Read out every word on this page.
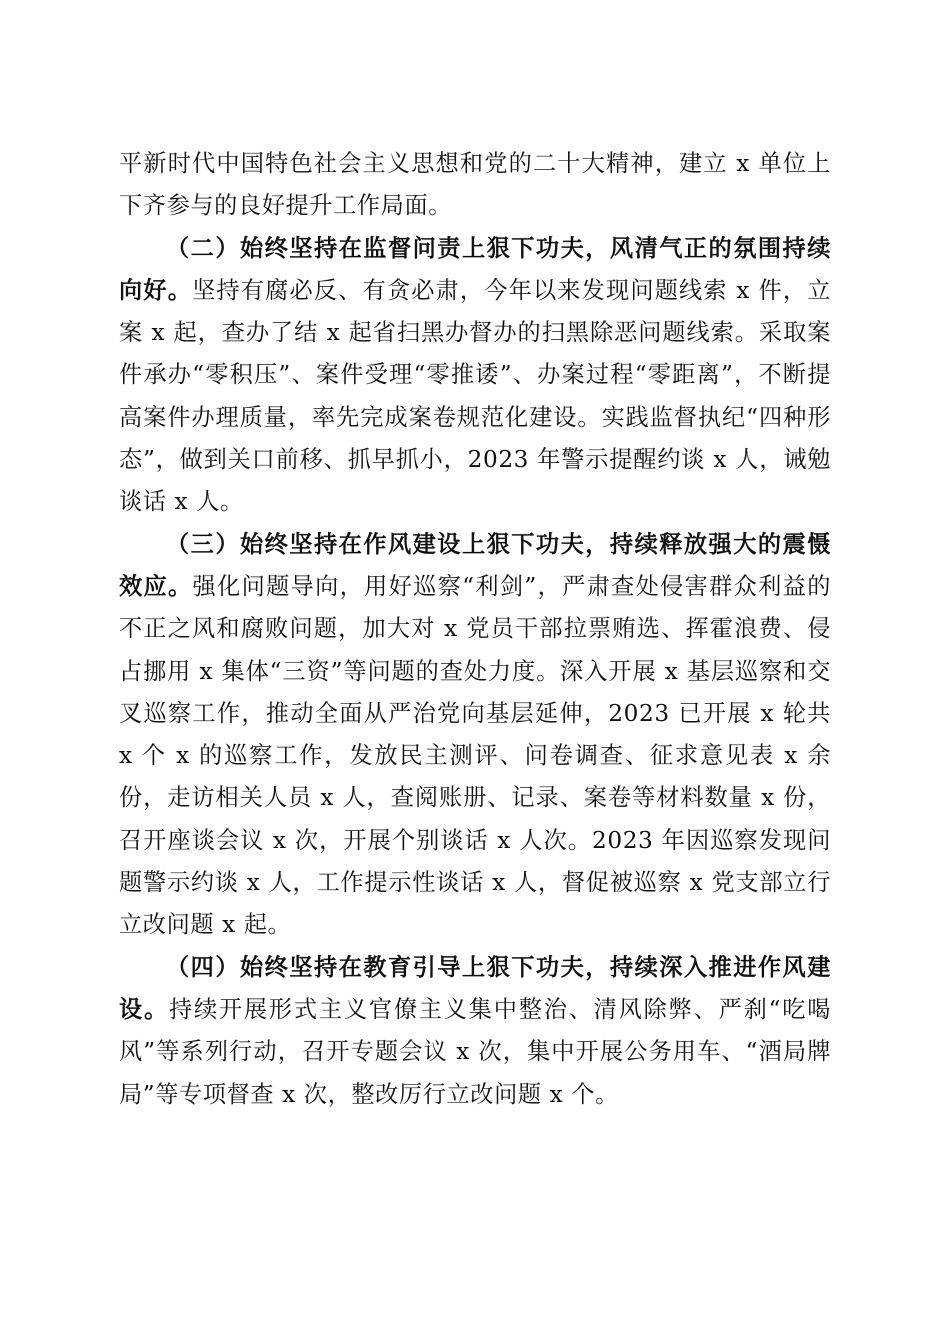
平新时代中国特色社会主义思想和党的二十大精神，建立 x 单位上下齐参与的良好提升工作局面。

（二）始终坚持在监督问责上狠下功夫，风清气正的氛围持续向好。坚持有腐必反、有贪必肃，今年以来发现问题线索 x 件，立案 x 起，查办了结 x 起省扫黑办督办的扫黑除恶问题线索。采取案件承办“零积压”、案件受理“零推诿”、办案过程“零距离”，不断提高案件办理质量，率先完成案卷规范化建设。实践监督执纪“四种形态”，做到关口前移、抓早抓小，2023 年警示提醒约谈 x 人，诫勉谈话 x 人。

（三）始终坚持在作风建设上狠下功夫，持续释放强大的震慑效应。强化问题导向，用好巡察“利剑”，严肃查处侵害群众利益的不正之风和腐败问题，加大对 x 党员干部拉票贿选、挥霍浪费、侵占挪用 x 集体“三资”等问题的查处力度。深入开展 x 基层巡察和交叉巡察工作，推动全面从严治党向基层延伸，2023 已开展 x 轮共 x 个 x 的巡察工作，发放民主测评、问卷调查、征求意见表 x 余份，走访相关人员 x 人，查阅账册、记录、案卷等材料数量 x 份，召开座谈会议 x 次，开展个别谈话 x 人次。2023 年因巡察发现问题警示约谈 x 人，工作提示性谈话 x 人，督促被巡察 x 党支部立行立改问题 x 起。

（四）始终坚持在教育引导上狠下功夫，持续深入推进作风建设。持续开展形式主义官僚主义集中整治、清风除弊、严刹“吃喝风”等系列行动，召开专题会议 x 次，集中开展公务用车、“酒局牌局”等专项督查 x 次，整改厉行立改问题 x 个。
